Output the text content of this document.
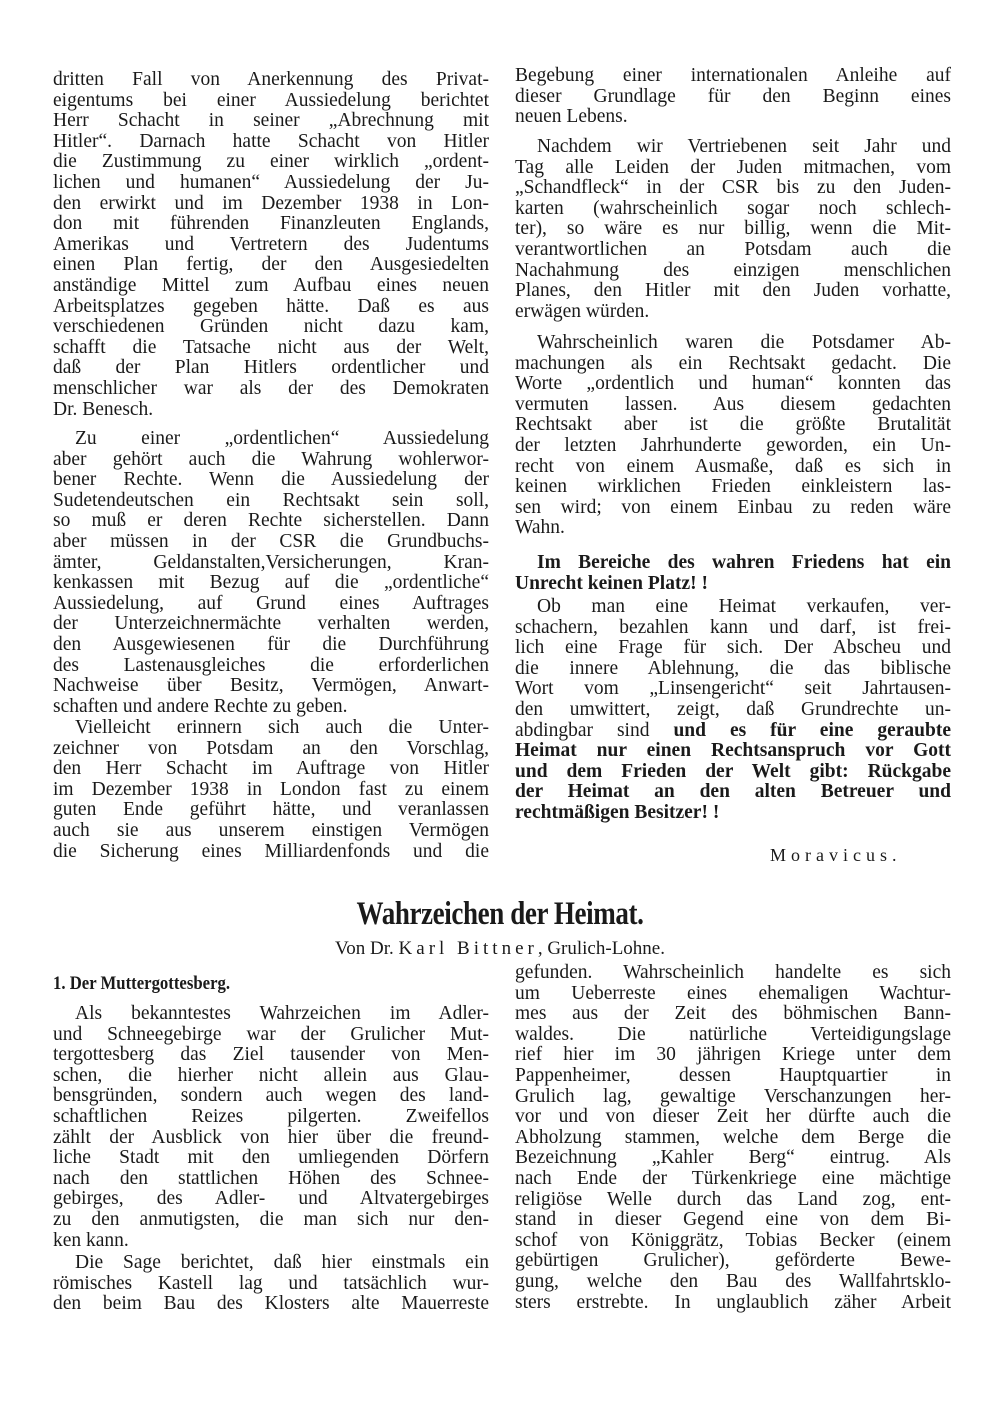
dritten Fall von Anerkennung des Privat-
eigentums bei einer Aussiedelung berichtet
Herr Schacht in seiner „Abrechnung mit
Hitler“. Darnach hatte Schacht von Hitler
die Zustimmung zu einer wirklich „ordent-
lichen und humanen“ Aussiedelung der Ju-
den erwirkt und im Dezember 1938 in Lon-
don mit führenden Finanzleuten Englands,
Amerikas und Vertretern des Judentums
einen Plan fertig, der den Ausgesiedelten
anständige Mittel zum Aufbau eines neuen
Arbeitsplatzes gegeben hätte. Daß es aus
verschiedenen Gründen nicht dazu kam,
schafft die Tatsache nicht aus der Welt,
daß der Plan Hitlers ordentlicher und
menschlicher war als der des Demokraten
Dr. Benesch.
Zu einer „ordentlichen“ Aussiedelung
aber gehört auch die Wahrung wohlerwor-
bener Rechte. Wenn die Aussiedelung der
Sudetendeutschen ein Rechtsakt sein soll,
so muß er deren Rechte sicherstellen. Dann
aber müssen in der CSR die Grundbuchs-
ämter, Geldanstalten,Versicherungen, Kran-
kenkassen mit Bezug auf die „ordentliche“
Aussiedelung, auf Grund eines Auftrages
der Unterzeichnermächte verhalten werden,
den Ausgewiesenen für die Durchführung
des Lastenausgleiches die erforderlichen
Nachweise über Besitz, Vermögen, Anwart-
schaften und andere Rechte zu geben.
Vielleicht erinnern sich auch die Unter-
zeichner von Potsdam an den Vorschlag,
den Herr Schacht im Auftrage von Hitler
im Dezember 1938 in London fast zu einem
guten Ende geführt hätte, und veranlassen
auch sie aus unserem einstigen Vermögen
die Sicherung eines Milliardenfonds und die
Begebung einer internationalen Anleihe auf
dieser Grundlage für den Beginn eines
neuen Lebens.
Nachdem wir Vertriebenen seit Jahr und
Tag alle Leiden der Juden mitmachen, vom
„Schandfleck“ in der CSR bis zu den Juden-
karten (wahrscheinlich sogar noch schlech-
ter), so wäre es nur billig, wenn die Mit-
verantwortlichen an Potsdam auch die
Nachahmung des einzigen menschlichen
Planes, den Hitler mit den Juden vorhatte,
erwägen würden.
Wahrscheinlich waren die Potsdamer Ab-
machungen als ein Rechtsakt gedacht. Die
Worte „ordentlich und human“ konnten das
vermuten lassen. Aus diesem gedachten
Rechtsakt aber ist die größte Brutalität
der letzten Jahrhunderte geworden, ein Un-
recht von einem Ausmaße, daß es sich in
keinen wirklichen Frieden einkleistern las-
sen wird; von einem Einbau zu reden wäre
Wahn.
Im Bereiche des wahren Friedens hat ein
Unrecht keinen Platz! !
Ob man eine Heimat verkaufen, ver-
schachern, bezahlen kann und darf, ist frei-
lich eine Frage für sich. Der Abscheu und
die innere Ablehnung, die das biblische
Wort vom „Linsengericht“ seit Jahrtausen-
den umwittert, zeigt, daß Grundrechte un-
abdingbar sind und es für eine geraubte
Heimat nur einen Rechtsanspruch vor Gott
und dem Frieden der Welt gibt: Rückgabe
der Heimat an den alten Betreuer und
rechtmäßigen Besitzer! !
Moravicus.
Wahrzeichen der Heimat.
Von Dr. Karl Bittner, Grulich-Lohne.
1. Der Muttergottesberg.
Als bekanntestes Wahrzeichen im Adler-
und Schneegebirge war der Grulicher Mut-
tergottesberg das Ziel tausender von Men-
schen, die hierher nicht allein aus Glau-
bensgründen, sondern auch wegen des land-
schaftlichen Reizes pilgerten. Zweifellos
zählt der Ausblick von hier über die freund-
liche Stadt mit den umliegenden Dörfern
nach den stattlichen Höhen des Schnee-
gebirges, des Adler- und Altvatergebirges
zu den anmutigsten, die man sich nur den-
ken kann.
Die Sage berichtet, daß hier einstmals ein
römisches Kastell lag und tatsächlich wur-
den beim Bau des Klosters alte Mauerreste
gefunden. Wahrscheinlich handelte es sich
um Ueberreste eines ehemaligen Wachtur-
mes aus der Zeit des böhmischen Bann-
waldes. Die natürliche Verteidigungslage
rief hier im 30 jährigen Kriege unter dem
Pappenheimer, dessen Hauptquartier in
Grulich lag, gewaltige Verschanzungen her-
vor und von dieser Zeit her dürfte auch die
Abholzung stammen, welche dem Berge die
Bezeichnung „Kahler Berg“ eintrug. Als
nach Ende der Türkenkriege eine mächtige
religiöse Welle durch das Land zog, ent-
stand in dieser Gegend eine von dem Bi-
schof von Königgrätz, Tobias Becker (einem
gebürtigen Grulicher), geförderte Bewe-
gung, welche den Bau des Wallfahrtsklo-
sters erstrebte. In unglaublich zäher Arbeit
